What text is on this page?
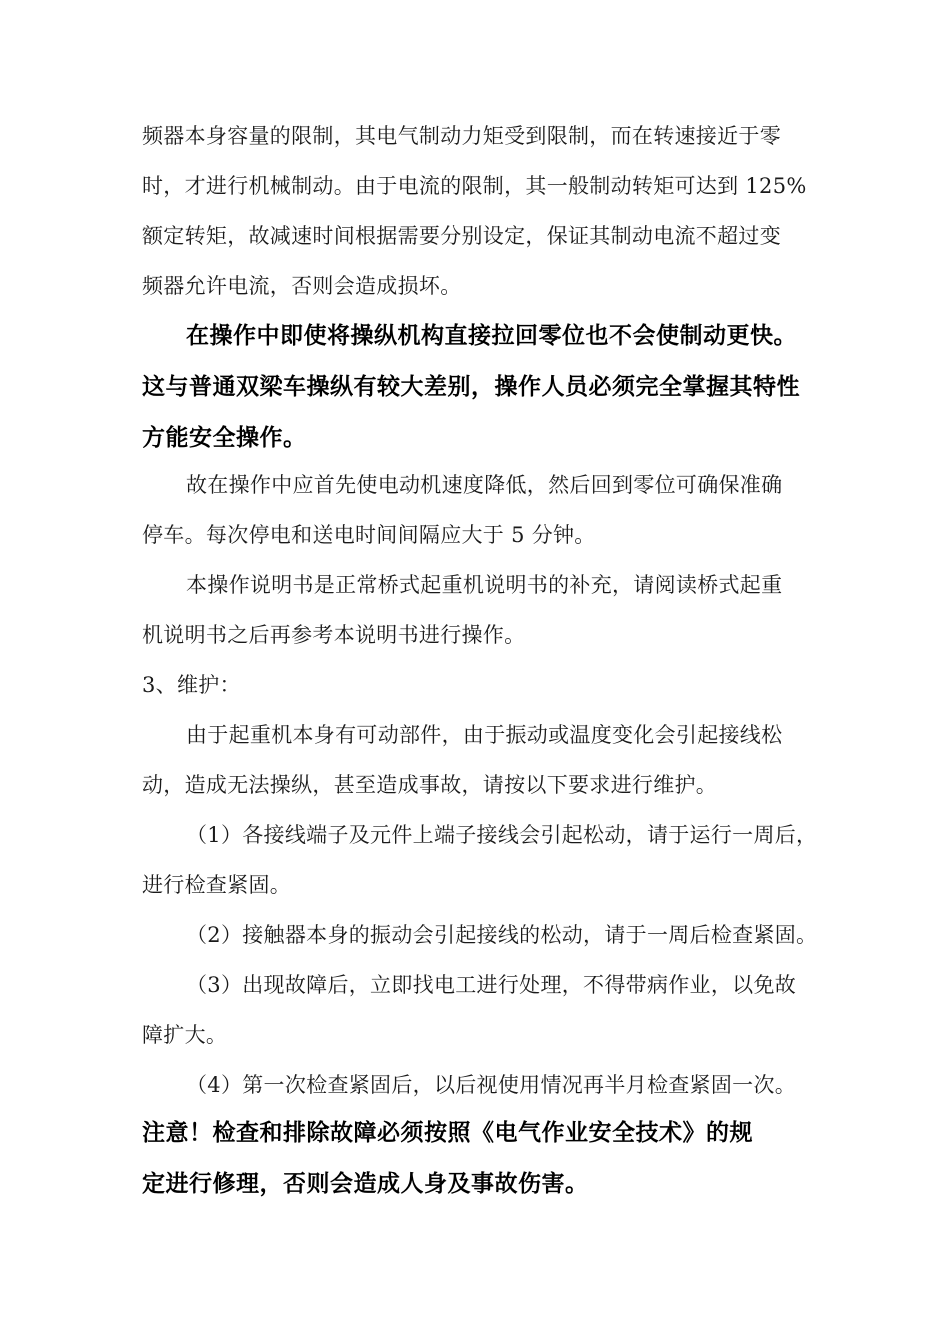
频器本身容量的限制，其电气制动力矩受到限制，而在转速接近于零
时，才进行机械制动。由于电流的限制，其一般制动转矩可达到 125%
额定转矩，故减速时间根据需要分别设定，保证其制动电流不超过变
频器允许电流，否则会造成损坏。
在操作中即使将操纵机构直接拉回零位也不会使制动更快。
这与普通双梁车操纵有较大差别，操作人员必须完全掌握其特性
方能安全操作。
故在操作中应首先使电动机速度降低，然后回到零位可确保准确
停车。每次停电和送电时间间隔应大于 5 分钟。
本操作说明书是正常桥式起重机说明书的补充，请阅读桥式起重
机说明书之后再参考本说明书进行操作。
3、维护：
由于起重机本身有可动部件，由于振动或温度变化会引起接线松
动，造成无法操纵，甚至造成事故，请按以下要求进行维护。
（1）各接线端子及元件上端子接线会引起松动，请于运行一周后，
进行检查紧固。
（2）接触器本身的振动会引起接线的松动，请于一周后检查紧固。
（3）出现故障后，立即找电工进行处理，不得带病作业，以免故
障扩大。
（4）第一次检查紧固后，以后视使用情况再半月检查紧固一次。
注意！检查和排除故障必须按照《电气作业安全技术》的规
定进行修理，否则会造成人身及事故伤害。
